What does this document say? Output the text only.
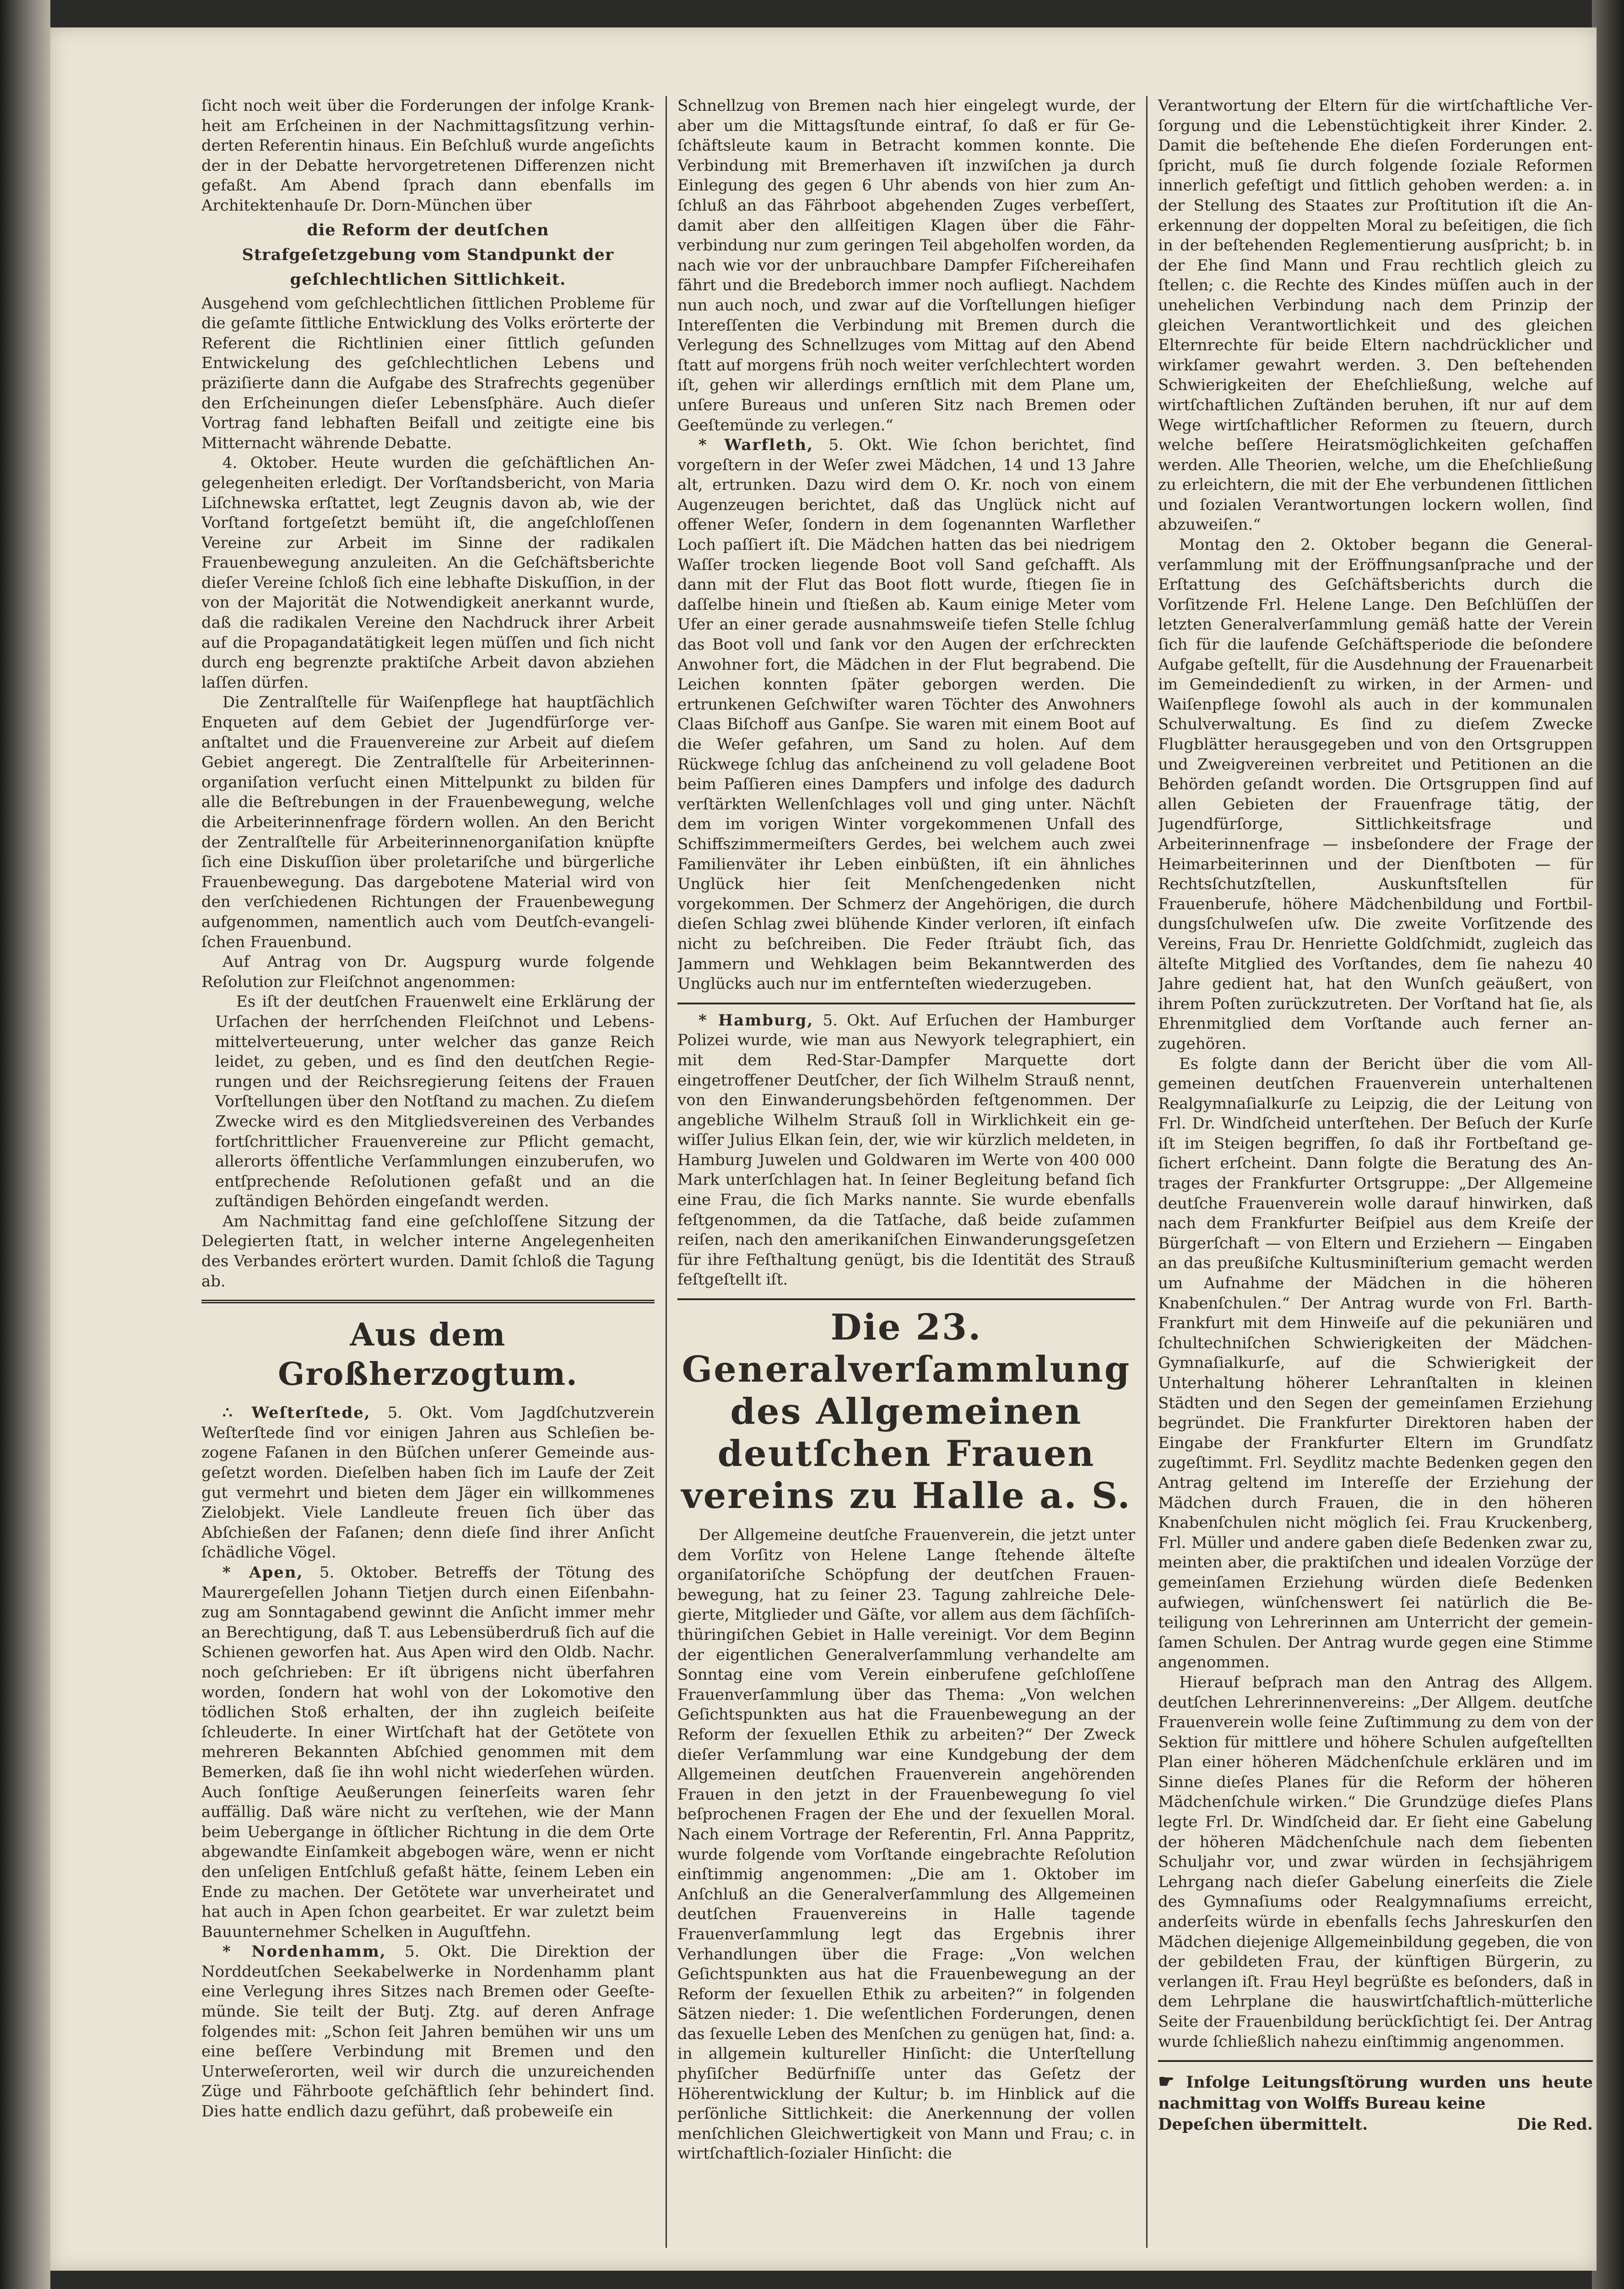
ſicht noch weit über die Forderungen der infolge Krankheit am Erſcheinen in der Nachmittagsſitzung verhinderten Referentin hinaus. Ein Beſchluß wurde angeſichts der in der Debatte hervorgetretenen Differenzen nicht gefaßt. Am Abend ſprach dann ebenfalls im Architektenhauſe Dr. Dorn-München über

die Reform der deutſchen
Strafgeſetzgebung vom Standpunkt der
geſchlechtlichen Sittlichkeit.

Ausgehend vom geſchlechtlichen ſittlichen Probleme für die geſamte ſittliche Entwicklung des Volks erörterte der Referent die Richtlinien einer ſittlich geſunden Entwickelung des geſchlechtlichen Lebens und präziſierte dann die Aufgabe des Strafrechts gegenüber den Erſcheinungen dieſer Lebensſphäre. Auch dieſer Vortrag fand lebhaften Beifall und zeitigte eine bis Mitternacht währende Debatte.

4. Oktober. Heute wurden die geſchäftlichen Angelegenheiten erledigt. Der Vorſtandsbericht, von Maria Liſchnewska erſtattet, legt Zeugnis davon ab, wie der Vorſtand fortgeſetzt bemüht iſt, die angeſchloſſenen Vereine zur Arbeit im Sinne der radikalen Frauenbewegung anzuleiten. An die Geſchäftsberichte dieſer Vereine ſchloß ſich eine lebhafte Diskuſſion, in der von der Majorität die Notwendigkeit anerkannt wurde, daß die radikalen Vereine den Nachdruck ihrer Arbeit auf die Propagandatätigkeit legen müſſen und ſich nicht durch eng begrenzte praktiſche Arbeit davon abziehen laſſen dürfen.

Die Zentralſtelle für Waiſenpflege hat hauptſächlich Enqueten auf dem Gebiet der Jugendfürſorge veranſtaltet und die Frauenvereine zur Arbeit auf dieſem Gebiet angeregt. Die Zentralſtelle für Arbeiterinnenorganiſation verſucht einen Mittelpunkt zu bilden für alle die Beſtrebungen in der Frauenbewegung, welche die Arbeiterinnenfrage fördern wollen. An den Bericht der Zentralſtelle für Arbeiterinnenorganiſation knüpfte ſich eine Diskuſſion über proletariſche und bürgerliche Frauenbewegung. Das dargebotene Material wird von den verſchiedenen Richtungen der Frauenbewegung aufgenommen, namentlich auch vom Deutſch-evangeliſchen Frauenbund.

Auf Antrag von Dr. Augspurg wurde folgende Reſolution zur Fleiſchnot angenommen:

Es iſt der deutſchen Frauenwelt eine Erklärung der Urſachen der herrſchenden Fleiſchnot und Lebensmittelverteuerung, unter welcher das ganze Reich leidet, zu geben, und es ſind den deutſchen Regierungen und der Reichsregierung ſeitens der Frauen Vorſtellungen über den Notſtand zu machen. Zu dieſem Zwecke wird es den Mitgliedsvereinen des Verbandes fortſchrittlicher Frauenvereine zur Pflicht gemacht, allerorts öffentliche Verſammlungen einzuberufen, wo entſprechende Reſolutionen gefaßt und an die zuſtändigen Behörden eingeſandt werden.

Am Nachmittag fand eine geſchloſſene Sitzung der Delegierten ſtatt, in welcher interne Angelegenheiten des Verbandes erörtert wurden. Damit ſchloß die Tagung ab.

Aus dem Großherzogtum.

∴ Weſterſtede, 5. Okt. Vom Jagdſchutzverein Weſterſtede ſind vor einigen Jahren aus Schleſien bezogene Faſanen in den Büſchen unſerer Gemeinde ausgeſetzt worden. Dieſelben haben ſich im Laufe der Zeit gut vermehrt und bieten dem Jäger ein willkommenes Zielobjekt. Viele Landleute freuen ſich über das Abſchießen der Faſanen; denn dieſe ſind ihrer Anſicht ſchädliche Vögel.

* Apen, 5. Oktober. Betreffs der Tötung des Maurergeſellen Johann Tietjen durch einen Eiſenbahnzug am Sonntagabend gewinnt die Anſicht immer mehr an Berechtigung, daß T. aus Lebensüberdruß ſich auf die Schienen geworfen hat. Aus Apen wird den Oldb. Nachr. noch geſchrieben: Er iſt übrigens nicht überfahren worden, ſondern hat wohl von der Lokomotive den tödlichen Stoß erhalten, der ihn zugleich beiſeite ſchleuderte. In einer Wirtſchaft hat der Getötete von mehreren Bekannten Abſchied genommen mit dem Bemerken, daß ſie ihn wohl nicht wiederſehen würden. Auch ſonſtige Aeußerungen ſeinerſeits waren ſehr auffällig. Daß wäre nicht zu verſtehen, wie der Mann beim Uebergange in öſtlicher Richtung in die dem Orte abgewandte Einſamkeit abgebogen wäre, wenn er nicht den unſeligen Entſchluß gefaßt hätte, ſeinem Leben ein Ende zu machen. Der Getötete war unverheiratet und hat auch in Apen ſchon gearbeitet. Er war zuletzt beim Bauunternehmer Schelken in Auguſtfehn.

* Nordenhamm, 5. Okt. Die Direktion der Norddeutſchen Seekabelwerke in Nordenhamm plant eine Verlegung ihres Sitzes nach Bremen oder Geeſtemünde. Sie teilt der Butj. Ztg. auf deren Anfrage folgendes mit: „Schon ſeit Jahren bemühen wir uns um eine beſſere Verbindung mit Bremen und den Unterweſerorten, weil wir durch die unzureichenden Züge und Fährboote geſchäftlich ſehr behindert ſind. Dies hatte endlich dazu geführt, daß probeweiſe ein

Schnellzug von Bremen nach hier eingelegt wurde, der aber um die Mittagsſtunde eintraf, ſo daß er für Geſchäftsleute kaum in Betracht kommen konnte. Die Verbindung mit Bremerhaven iſt inzwiſchen ja durch Einlegung des gegen 6 Uhr abends von hier zum Anſchluß an das Fährboot abgehenden Zuges verbeſſert, damit aber den allſeitigen Klagen über die Fährverbindung nur zum geringen Teil abgeholfen worden, da nach wie vor der unbrauchbare Dampfer Fiſchereihafen fährt und die Bredeborch immer noch aufliegt. Nachdem nun auch noch, und zwar auf die Vorſtellungen hieſiger Intereſſenten die Verbindung mit Bremen durch die Verlegung des Schnellzuges vom Mittag auf den Abend ſtatt auf morgens früh noch weiter verſchlechtert worden iſt, gehen wir allerdings ernſtlich mit dem Plane um, unſere Bureaus und unſeren Sitz nach Bremen oder Geeſtemünde zu verlegen.“

* Warfleth, 5. Okt. Wie ſchon berichtet, ſind vorgeſtern in der Weſer zwei Mädchen, 14 und 13 Jahre alt, ertrunken. Dazu wird dem O. Kr. noch von einem Augenzeugen berichtet, daß das Unglück nicht auf offener Weſer, ſondern in dem ſogenannten Warflether Loch paſſiert iſt. Die Mädchen hatten das bei niedrigem Waſſer trocken liegende Boot voll Sand geſchafft. Als dann mit der Flut das Boot flott wurde, ſtiegen ſie in daſſelbe hinein und ſtießen ab. Kaum einige Meter vom Ufer an einer gerade ausnahmsweiſe tiefen Stelle ſchlug das Boot voll und ſank vor den Augen der erſchreckten Anwohner fort, die Mädchen in der Flut begrabend. Die Leichen konnten ſpäter geborgen werden. Die ertrunkenen Geſchwiſter waren Töchter des Anwohners Claas Biſchoff aus Ganſpe. Sie waren mit einem Boot auf die Weſer gefahren, um Sand zu holen. Auf dem Rückwege ſchlug das anſcheinend zu voll geladene Boot beim Paſſieren eines Dampfers und infolge des dadurch verſtärkten Wellenſchlages voll und ging unter. Nächſt dem im vorigen Winter vorgekommenen Unfall des Schiffszimmermeiſters Gerdes, bei welchem auch zwei Familienväter ihr Leben einbüßten, iſt ein ähnliches Unglück hier ſeit Menſchengedenken nicht vorgekommen. Der Schmerz der Angehörigen, die durch dieſen Schlag zwei blühende Kinder verloren, iſt einfach nicht zu beſchreiben. Die Feder ſträubt ſich, das Jammern und Wehklagen beim Bekanntwerden des Unglücks auch nur im entfernteſten wiederzugeben.

* Hamburg, 5. Okt. Auf Erſuchen der Hamburger Polizei wurde, wie man aus Newyork telegraphiert, ein mit dem Red-Star-Dampfer Marquette dort eingetroffener Deutſcher, der ſich Wilhelm Strauß nennt, von den Einwanderungsbehörden feſtgenommen. Der angebliche Wilhelm Strauß ſoll in Wirklichkeit ein gewiſſer Julius Elkan ſein, der, wie wir kürzlich meldeten, in Hamburg Juwelen und Goldwaren im Werte von 400 000 Mark unterſchlagen hat. In ſeiner Begleitung befand ſich eine Frau, die ſich Marks nannte. Sie wurde ebenfalls feſtgenommen, da die Tatſache, daß beide zuſammen reiſen, nach den amerikaniſchen Einwanderungsgeſetzen für ihre Feſthaltung genügt, bis die Identität des Strauß feſtgeſtellt iſt.

Die 23. Generalverſammlung
des Allgemeinen deutſchen Frauen
vereins zu Halle a. S.

Der Allgemeine deutſche Frauenverein, die jetzt unter dem Vorſitz von Helene Lange ſtehende älteſte organiſatoriſche Schöpfung der deutſchen Frauenbewegung, hat zu ſeiner 23. Tagung zahlreiche Delegierte, Mitglieder und Gäſte, vor allem aus dem ſächſiſch-thüringiſchen Gebiet in Halle vereinigt. Vor dem Beginn der eigentlichen Generalverſammlung verhandelte am Sonntag eine vom Verein einberufene geſchloſſene Frauenverſammlung über das Thema: „Von welchen Geſichtspunkten aus hat die Frauenbewegung an der Reform der ſexuellen Ethik zu arbeiten?“ Der Zweck dieſer Verſammlung war eine Kundgebung der dem Allgemeinen deutſchen Frauenverein angehörenden Frauen in den jetzt in der Frauenbewegung ſo viel beſprochenen Fragen der Ehe und der ſexuellen Moral. Nach einem Vortrage der Referentin, Frl. Anna Pappritz, wurde folgende vom Vorſtande eingebrachte Reſolution einſtimmig angenommen: „Die am 1. Oktober im Anſchluß an die Generalverſammlung des Allgemeinen deutſchen Frauenvereins in Halle tagende Frauenverſammlung legt das Ergebnis ihrer Verhandlungen über die Frage: „Von welchen Geſichtspunkten aus hat die Frauenbewegung an der Reform der ſexuellen Ethik zu arbeiten?“ in folgenden Sätzen nieder: 1. Die weſentlichen Forderungen, denen das ſexuelle Leben des Menſchen zu genügen hat, ſind: a. in allgemein kultureller Hinſicht: die Unterſtellung phyſiſcher Bedürfniſſe unter das Geſetz der Höherentwicklung der Kultur; b. im Hinblick auf die perſönliche Sittlichkeit: die Anerkennung der vollen menſchlichen Gleichwertigkeit von Mann und Frau; c. in wirtſchaftlich-ſozialer Hinſicht: die

Verantwortung der Eltern für die wirtſchaftliche Verſorgung und die Lebenstüchtigkeit ihrer Kinder. 2. Damit die beſtehende Ehe dieſen Forderungen entſpricht, muß ſie durch folgende ſoziale Reformen innerlich gefeſtigt und ſittlich gehoben werden: a. in der Stellung des Staates zur Proſtitution iſt die Anerkennung der doppelten Moral zu beſeitigen, die ſich in der beſtehenden Reglementierung ausſpricht; b. in der Ehe ſind Mann und Frau rechtlich gleich zu ſtellen; c. die Rechte des Kindes müſſen auch in der unehelichen Verbindung nach dem Prinzip der gleichen Verantwortlichkeit und des gleichen Elternrechte für beide Eltern nachdrücklicher und wirkſamer gewahrt werden. 3. Den beſtehenden Schwierigkeiten der Eheſchließung, welche auf wirtſchaftlichen Zuſtänden beruhen, iſt nur auf dem Wege wirtſchaftlicher Reformen zu ſteuern, durch welche beſſere Heiratsmöglichkeiten geſchaffen werden. Alle Theorien, welche, um die Eheſchließung zu erleichtern, die mit der Ehe verbundenen ſittlichen und ſozialen Verantwortungen lockern wollen, ſind abzuweiſen.“

Montag den 2. Oktober begann die Generalverſammlung mit der Eröffnungsanſprache und der Erſtattung des Geſchäftsberichts durch die Vorſitzende Frl. Helene Lange. Den Beſchlüſſen der letzten Generalverſammlung gemäß hatte der Verein ſich für die laufende Geſchäftsperiode die beſondere Aufgabe geſtellt, für die Ausdehnung der Frauenarbeit im Gemeindedienſt zu wirken, in der Armen- und Waiſenpflege ſowohl als auch in der kommunalen Schulverwaltung. Es ſind zu dieſem Zwecke Flugblätter herausgegeben und von den Ortsgruppen und Zweigvereinen verbreitet und Petitionen an die Behörden geſandt worden. Die Ortsgruppen ſind auf allen Gebieten der Frauenfrage tätig, der Jugendfürſorge, Sittlichkeitsfrage und Arbeiterinnenfrage — insbeſondere der Frage der Heimarbeiterinnen und der Dienſtboten — für Rechtsſchutzſtellen, Auskunftsſtellen für Frauenberufe, höhere Mädchenbildung und Fortbildungsſchulweſen uſw. Die zweite Vorſitzende des Vereins, Frau Dr. Henriette Goldſchmidt, zugleich das älteſte Mitglied des Vorſtandes, dem ſie nahezu 40 Jahre gedient hat, hat den Wunſch geäußert, von ihrem Poſten zurückzutreten. Der Vorſtand hat ſie, als Ehrenmitglied dem Vorſtande auch ferner anzugehören.

Es folgte dann der Bericht über die vom Allgemeinen deutſchen Frauenverein unterhaltenen Realgymnaſialkurſe zu Leipzig, die der Leitung von Frl. Dr. Windſcheid unterſtehen. Der Beſuch der Kurſe iſt im Steigen begriffen, ſo daß ihr Fortbeſtand geſichert erſcheint. Dann folgte die Beratung des Antrages der Frankfurter Ortsgruppe: „Der Allgemeine deutſche Frauenverein wolle darauf hinwirken, daß nach dem Frankfurter Beiſpiel aus dem Kreiſe der Bürgerſchaft — von Eltern und Erziehern — Eingaben an das preußiſche Kultusminiſterium gemacht werden um Aufnahme der Mädchen in die höheren Knabenſchulen.“ Der Antrag wurde von Frl. Barth-Frankfurt mit dem Hinweiſe auf die pekuniären und ſchultechniſchen Schwierigkeiten der Mädchen-Gymnaſialkurſe, auf die Schwierigkeit der Unterhaltung höherer Lehranſtalten in kleinen Städten und den Segen der gemeinſamen Erziehung begründet. Die Frankfurter Direktoren haben der Eingabe der Frankfurter Eltern im Grundſatz zugeſtimmt. Frl. Seydlitz machte Bedenken gegen den Antrag geltend im Intereſſe der Erziehung der Mädchen durch Frauen, die in den höheren Knabenſchulen nicht möglich ſei. Frau Kruckenberg, Frl. Müller und andere gaben dieſe Bedenken zwar zu, meinten aber, die praktiſchen und idealen Vorzüge der gemeinſamen Erziehung würden dieſe Bedenken aufwiegen, wünſchenswert ſei natürlich die Beteiligung von Lehrerinnen am Unterricht der gemeinſamen Schulen. Der Antrag wurde gegen eine Stimme angenommen.

Hierauf beſprach man den Antrag des Allgem. deutſchen Lehrerinnenvereins: „Der Allgem. deutſche Frauenverein wolle ſeine Zuſtimmung zu dem von der Sektion für mittlere und höhere Schulen aufgeſtellten Plan einer höheren Mädchenſchule erklären und im Sinne dieſes Planes für die Reform der höheren Mädchenſchule wirken.“ Die Grundzüge dieſes Plans legte Frl. Dr. Windſcheid dar. Er ſieht eine Gabelung der höheren Mädchenſchule nach dem ſiebenten Schuljahr vor, und zwar würden in ſechsjährigem Lehrgang nach dieſer Gabelung einerſeits die Ziele des Gymnaſiums oder Realgymnaſiums erreicht, anderſeits würde in ebenfalls ſechs Jahreskurſen den Mädchen diejenige Allgemeinbildung gegeben, die von der gebildeten Frau, der künftigen Bürgerin, zu verlangen iſt. Frau Heyl begrüßte es beſonders, daß in dem Lehrplane die hauswirtſchaftlich-mütterliche Seite der Frauenbildung berückſichtigt ſei. Der Antrag wurde ſchließlich nahezu einſtimmig angenommen.

☛ Infolge Leitungsſtörung wurden uns heute nachmittag von Wolffs Bureau keine
Depeſchen übermittelt.	Die Red.
